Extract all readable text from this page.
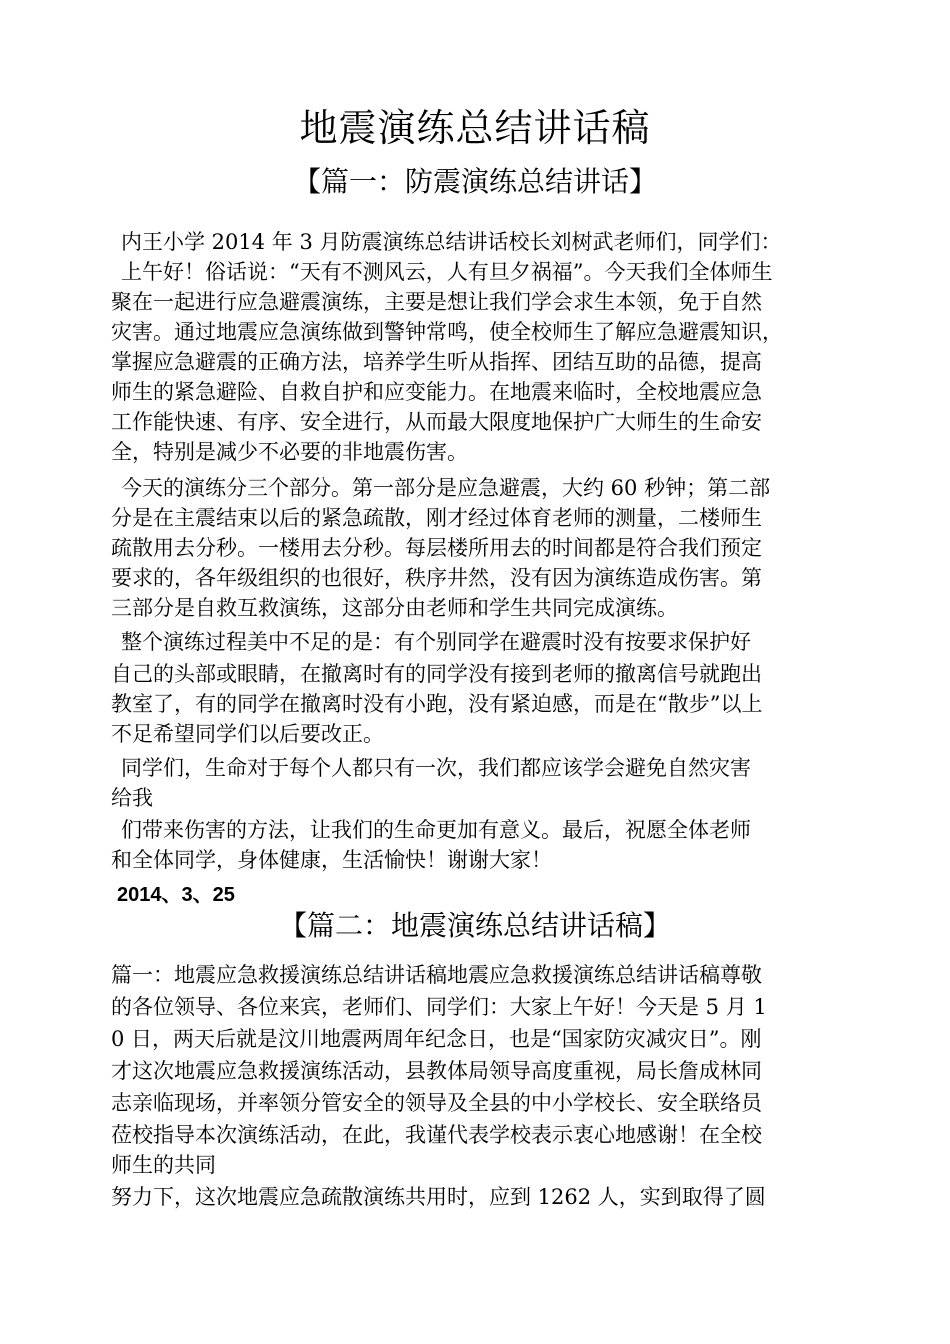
地震演练总结讲话稿
【篇一：防震演练总结讲话】
内王小学 2014 年 3 月防震演练总结讲话校长刘树武老师们，同学们：
上午好！俗话说：“天有不测风云，人有旦夕祸福”。今天我们全体师生
聚在一起进行应急避震演练，主要是想让我们学会求生本领，免于自然
灾害。通过地震应急演练做到警钟常鸣，使全校师生了解应急避震知识，
掌握应急避震的正确方法，培养学生听从指挥、团结互助的品德，提高
师生的紧急避险、自救自护和应变能力。在地震来临时，全校地震应急
工作能快速、有序、安全进行，从而最大限度地保护广大师生的生命安
全，特别是减少不必要的非地震伤害。
今天的演练分三个部分。第一部分是应急避震，大约 60 秒钟；第二部
分是在主震结束以后的紧急疏散，刚才经过体育老师的测量，二楼师生
疏散用去分秒。一楼用去分秒。每层楼所用去的时间都是符合我们预定
要求的，各年级组织的也很好，秩序井然，没有因为演练造成伤害。第
三部分是自救互救演练，这部分由老师和学生共同完成演练。
整个演练过程美中不足的是：有个别同学在避震时没有按要求保护好
自己的头部或眼睛，在撤离时有的同学没有接到老师的撤离信号就跑出
教室了，有的同学在撤离时没有小跑，没有紧迫感，而是在“散步”以上
不足希望同学们以后要改正。
同学们，生命对于每个人都只有一次，我们都应该学会避免自然灾害
给我
们带来伤害的方法，让我们的生命更加有意义。最后，祝愿全体老师
和全体同学，身体健康，生活愉快！谢谢大家！
2014、3、25
【篇二：地震演练总结讲话稿】
篇一：地震应急救援演练总结讲话稿地震应急救援演练总结讲话稿尊敬
的各位领导、各位来宾，老师们、同学们：大家上午好！今天是 5 月 1
0 日，两天后就是汶川地震两周年纪念日，也是“国家防灾减灾日”。刚
才这次地震应急救援演练活动，县教体局领导高度重视，局长詹成林同
志亲临现场，并率领分管安全的领导及全县的中小学校长、安全联络员
莅校指导本次演练活动，在此，我谨代表学校表示衷心地感谢！在全校
师生的共同
努力下，这次地震应急疏散演练共用时，应到 1262 人，实到取得了圆
